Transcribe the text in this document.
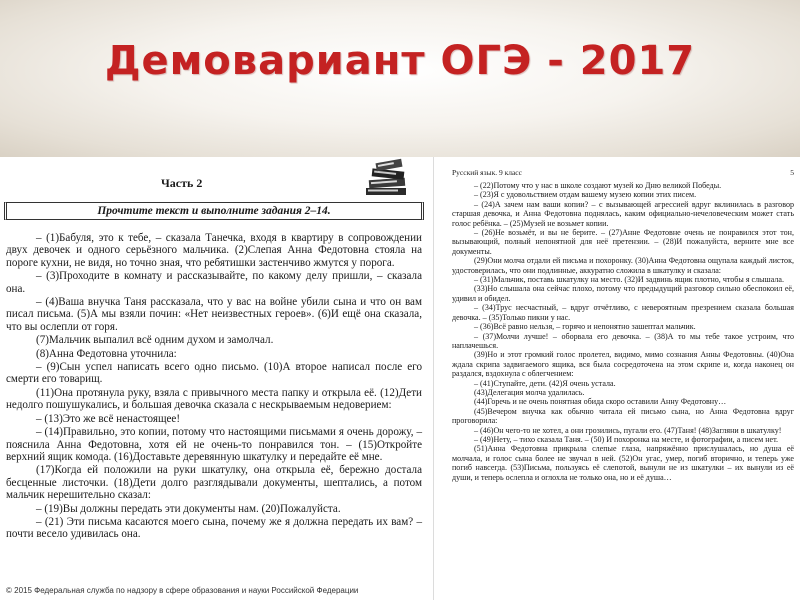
Демовариант ОГЭ - 2017
Часть 2
Прочтите текст и выполните задания 2–14.

– (1)Бабуля, это к тебе, – сказала Танечка, входя в квартиру в сопровождении двух девочек и одного серьёзного мальчика. (2)Слепая Анна Федотовна стояла на пороге кухни, не видя, но точно зная, что ребятишки застенчиво жмутся у порога.

– (3)Проходите в комнату и рассказывайте, по какому делу пришли, – сказала она.

– (4)Ваша внучка Таня рассказала, что у вас на войне убили сына и что он вам писал письма. (5)А мы взяли почин: «Нет неизвестных героев». (6)И ещё она сказала, что вы ослепли от горя.

(7)Мальчик выпалил всё одним духом и замолчал.

(8)Анна Федотовна уточнила:

– (9)Сын успел написать всего одно письмо. (10)А второе написал после его смерти его товарищ.

(11)Она протянула руку, взяла с привычного места папку и открыла её. (12)Дети недолго пошушукались, и большая девочка сказала с нескрываемым недоверием:

– (13)Это же всё ненастоящее!

– (14)Правильно, это копии, потому что настоящими письмами я очень дорожу, – пояснила Анна Федотовна, хотя ей не очень-то понравился тон. – (15)Откройте верхний ящик комода. (16)Доставьте деревянную шкатулку и передайте её мне.

(17)Когда ей положили на руки шкатулку, она открыла её, бережно достала бесценные листочки. (18)Дети долго разглядывали документы, шептались, а потом мальчик нерешительно сказал:

– (19)Вы должны передать эти документы нам. (20)Пожалуйста.

– (21) Эти письма касаются моего сына, почему же я должна передать их вам? – почти весело удивилась она.

© 2015 Федеральная служба по надзору в сфере образования и науки Российской Федерации
Русский язык. 9 класс	5

– (22)Потому что у нас в школе создают музей ко Дню великой Победы.

– (23)Я с удовольствием отдам вашему музею копии этих писем.

– (24)А зачем нам ваши копии? – с вызывающей агрессией вдруг вклинилась в разговор старшая девочка, и Анна Федотовна поднялась, каким официально-нечеловеческим может стать голос ребёнка. – (25)Музей не возьмет копии.

– (26)Не возьмёт, и вы не берите. – (27)Анне Федотовне очень не понравился этот тон, вызывающий, полный непонятной для неё претензии. – (28)И пожалуйста, верните мне все документы.

(29)Они молча отдали ей письма и похоронку. (30)Анна Федотовна ощупала каждый листок, удостоверилась, что они подлинные, аккуратно сложила в шкатулку и сказала:

– (31)Мальчик, поставь шкатулку на место. (32)И задвинь ящик плотно, чтобы я слышала.

(33)Но слышала она сейчас плохо, потому что предыдущий разговор сильно обеспокоил её, удивил и обидел.

– (34)Трус несчастный, – вдруг отчётливо, с невероятным презрением сказала большая девочка. – (35)Только пикни у нас.

– (36)Всё равно нельзя, – горячо и непонятно зашептал мальчик.

– (37)Молчи лучше! – оборвала его девочка. – (38)А то мы тебе такое устроим, что наплачешься.

(39)Но и этот громкий голос пролетел, видимо, мимо сознания Анны Федотовны. (40)Она ждала скрипа задвигаемого ящика, вся была сосредоточена на этом скрипе и, когда наконец он раздался, вздохнула с облегчением:

– (41)Ступайте, дети. (42)Я очень устала.

(43)Делегация молча удалилась.

(44)Горечь и не очень понятная обида скоро оставили Анну Федотовну…

(45)Вечером внучка как обычно читала ей письмо сына, но Анна Федотовна вдруг проговорила:

– (46)Он чего-то не хотел, а они грозились, пугали его. (47)Таня! (48)Загляни в шкатулку!

– (49)Нету, – тихо сказала Таня. – (50) И похоронка на месте, и фотографии, а писем нет.

(51)Анна Федотовна прикрыла слепые глаза, напряжённо прислушалась, но душа её молчала, и голос сына более не звучал в ней. (52)Он угас, умер, погиб вторично, и теперь уже погиб навсегда. (53)Письма, пользуясь её слепотой, вынули не из шкатулки – их вынули из её души, и теперь ослепла и оглохла не только она, но и её душа…
